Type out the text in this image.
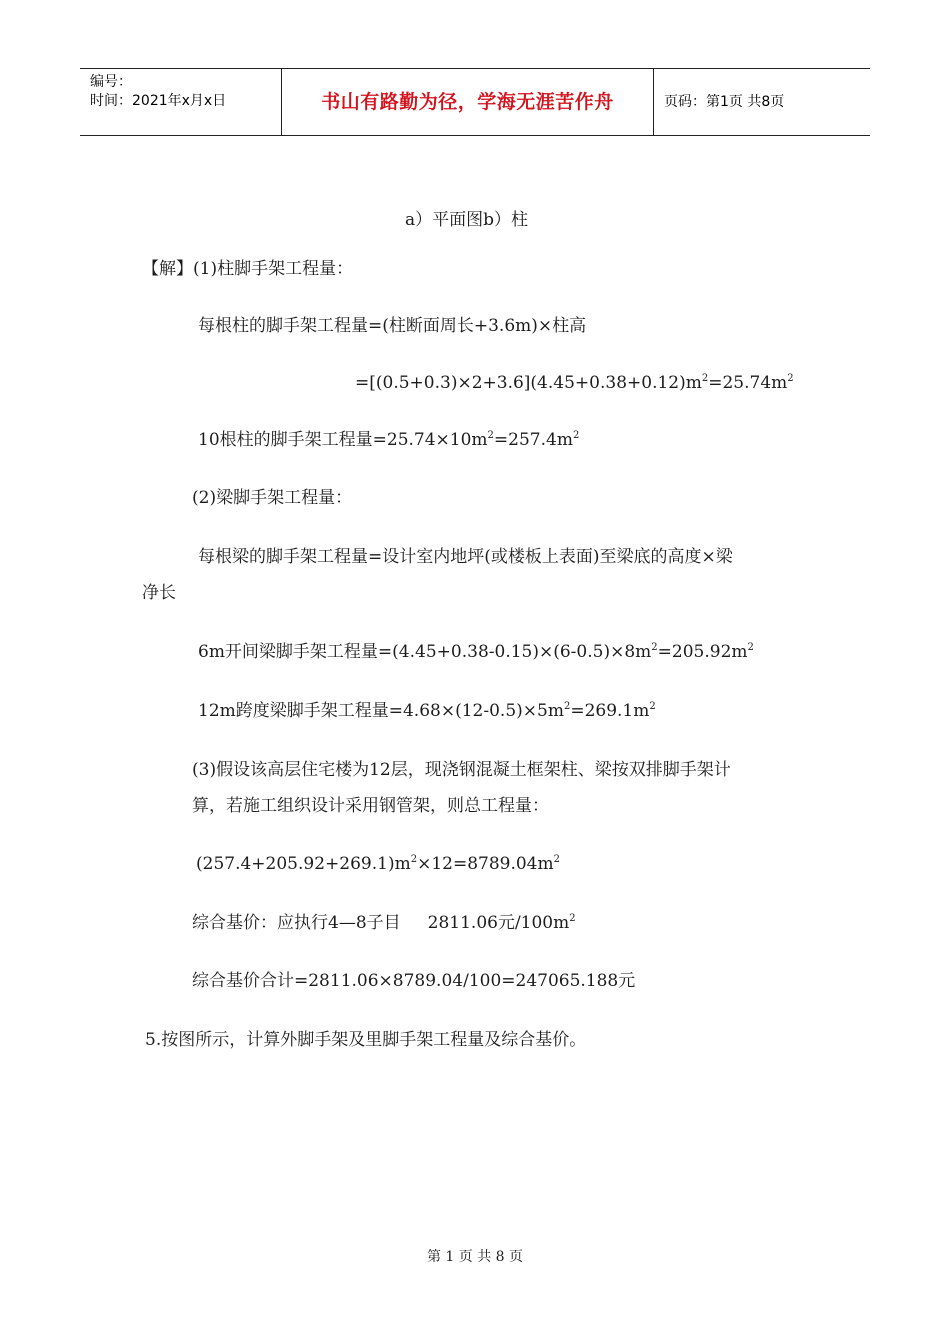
编号：
时间：2021年x月x日	书山有路勤为径，学海无涯苦作舟	页码：第1页 共8页
a）平面图b）柱
【解】(1)柱脚手架工程量：
每根柱的脚手架工程量=(柱断面周长+3.6m)×柱高
$=[(0.5+0.3)\times 2+3.6](4.45+0.38+0.12)m^2=25.74m^2$
10根柱的脚手架工程量$=25.74\times 10m^2=257.4m^2$
(2)梁脚手架工程量：
每根梁的脚手架工程量=设计室内地坪(或楼板上表面)至梁底的高度×梁
净长
6m开间梁脚手架工程量$=(4.45+0.38-0.15)\times(6-0.5)\times 8m^2=205.92m^2$
12m跨度梁脚手架工程量$=4.68\times(12-0.5)\times 5m^2=269.1m^2$
(3)假设该高层住宅楼为12层，现浇钢混凝土框架柱、梁按双排脚手架计
算，若施工组织设计采用钢管架，则总工程量：
$(257.4+205.92+269.1)m^2\times 12=8789.04m^2$
综合基价：应执行4—8子目     2811.06元$/100m^2$
综合基价合计=2811.06×8789.04/100=247065.188元
5.按图所示，计算外脚手架及里脚手架工程量及综合基价。
第 1 页 共 8 页
